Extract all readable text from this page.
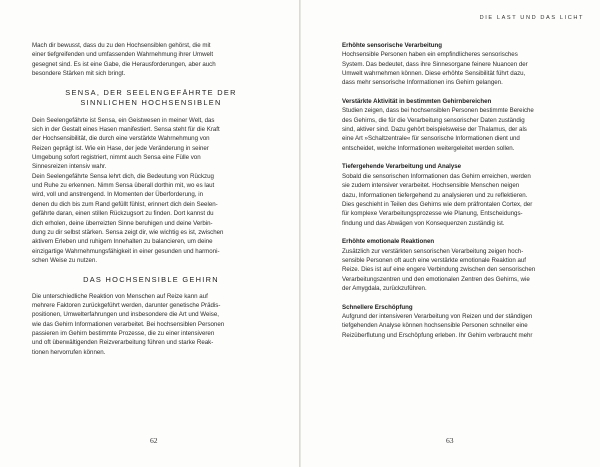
Mach dir bewusst, dass du zu den Hochsensiblen gehörst, die mit
einer tiefgreifenden und umfassenden Wahrnehmung ihrer Umwelt
gesegnet sind. Es ist eine Gabe, die Herausforderungen, aber auch
besondere Stärken mit sich bringt.

SENSA, DER SEELENGEFÄHRTE DER
SINNLICHEN HOCHSENSIBLEN

Dein Seelengefährte ist Sensa, ein Geistwesen in meiner Welt, das
sich in der Gestalt eines Hasen manifestiert. Sensa steht für die Kraft
der Hochsensibilität, die durch eine verstärkte Wahrnehmung von
Reizen geprägt ist. Wie ein Hase, der jede Veränderung in seiner
Umgebung sofort registriert, nimmt auch Sensa eine Fülle von
Sinnesreizen intensiv wahr.

Dein Seelengefährte Sensa lehrt dich, die Bedeutung von Rückzug
und Ruhe zu erkennen. Nimm Sensa überall dorthin mit, wo es laut
wird, voll und anstrengend. In Momenten der Überforderung, in
denen du dich bis zum Rand gefüllt fühlst, erinnert dich dein Seelen-
gefährte daran, einen stillen Rückzugsort zu finden. Dort kannst du
dich erholen, deine überreizten Sinne beruhigen und deine Verbin-
dung zu dir selbst stärken. Sensa zeigt dir, wie wichtig es ist, zwischen
aktivem Erleben und ruhigem Innehalten zu balancieren, um deine
einzigartige Wahrnehmungsfähigkeit in einer gesunden und harmoni-
schen Weise zu nutzen.

DAS HOCHSENSIBLE GEHIRN

Die unterschiedliche Reaktion von Menschen auf Reize kann auf
mehrere Faktoren zurückgeführt werden, darunter genetische Prädis-
positionen, Umwelterfahrungen und insbesondere die Art und Weise,
wie das Gehirn Informationen verarbeitet. Bei hochsensiblen Personen
passieren im Gehirn bestimmte Prozesse, die zu einer intensiveren
und oft überwältigenden Reizverarbeitung führen und starke Reak-
tionen hervorrufen können.

62
DIE LAST UND DAS LICHT

Erhöhte sensorische Verarbeitung

Hochsensible Personen haben ein empfindlicheres sensorisches
System. Das bedeutet, dass ihre Sinnesorgane feinere Nuancen der
Umwelt wahrnehmen können. Diese erhöhte Sensibilität führt dazu,
dass mehr sensorische Informationen ins Gehirn gelangen.

Verstärkte Aktivität in bestimmten Gehirnbereichen

Studien zeigen, dass bei hochsensiblen Personen bestimmte Bereiche
des Gehirns, die für die Verarbeitung sensorischer Daten zuständig
sind, aktiver sind. Dazu gehört beispielsweise der Thalamus, der als
eine Art »Schaltzentrale« für sensorische Informationen dient und
entscheidet, welche Informationen weitergeleitet werden sollen.

Tiefergehende Verarbeitung und Analyse

Sobald die sensorischen Informationen das Gehirn erreichen, werden
sie zudem intensiver verarbeitet. Hochsensible Menschen neigen
dazu, Informationen tiefergehend zu analysieren und zu reflektieren.
Dies geschieht in Teilen des Gehirns wie dem präfrontalen Cortex, der
für komplexe Verarbeitungsprozesse wie Planung, Entscheidungs-
findung und das Abwägen von Konsequenzen zuständig ist.

Erhöhte emotionale Reaktionen

Zusätzlich zur verstärkten sensorischen Verarbeitung zeigen hoch-
sensible Personen oft auch eine verstärkte emotionale Reaktion auf
Reize. Dies ist auf eine engere Verbindung zwischen den sensorischen
Verarbeitungszentren und den emotionalen Zentren des Gehirns, wie
der Amygdala, zurückzuführen.

Schnellere Erschöpfung

Aufgrund der intensiveren Verarbeitung von Reizen und der ständigen
tiefgehenden Analyse können hochsensible Personen schneller eine
Reizüberflutung und Erschöpfung erleben. Ihr Gehirn verbraucht mehr

63
